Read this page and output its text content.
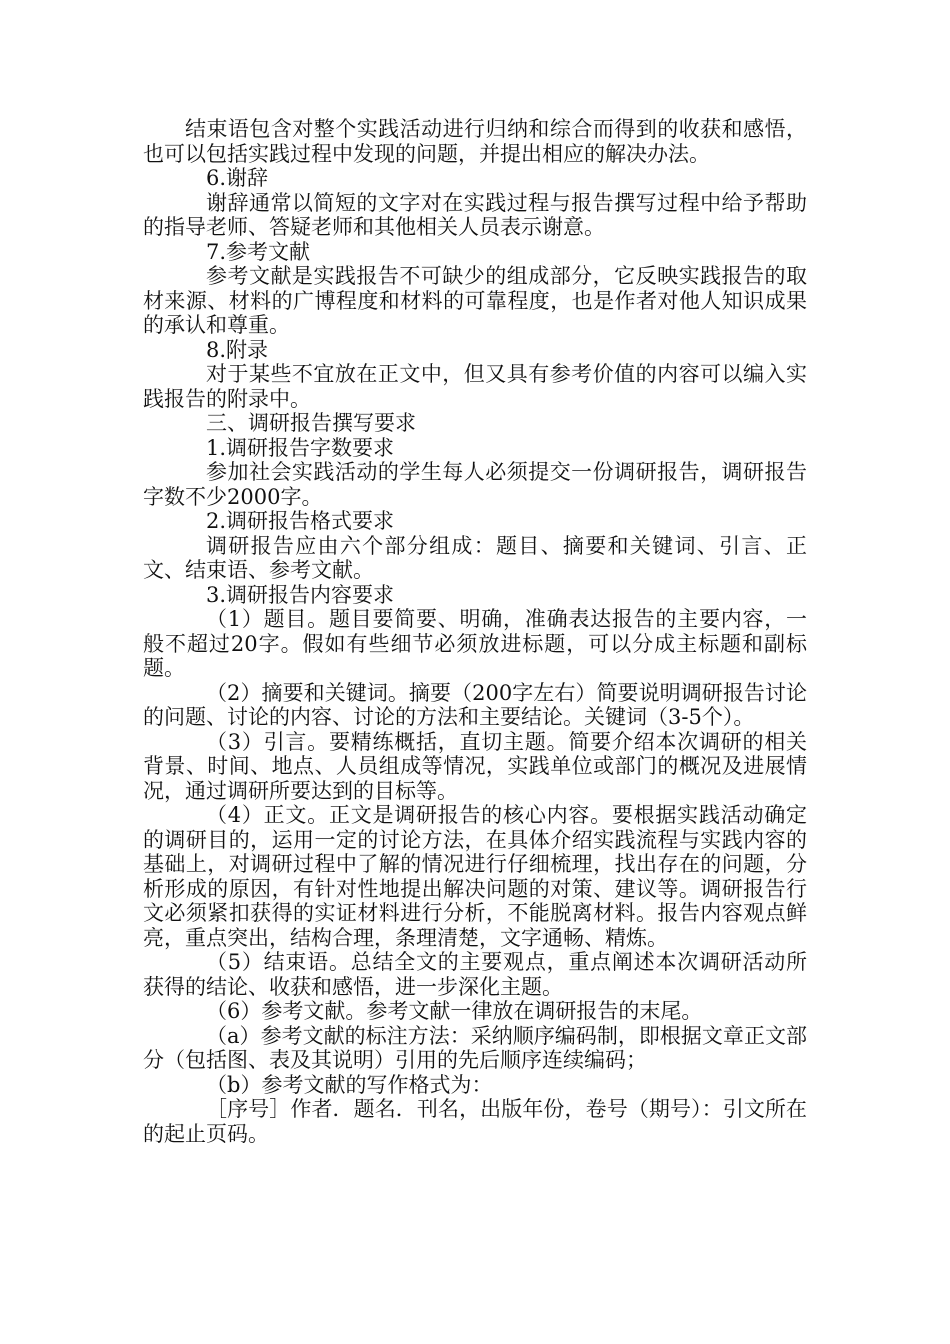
结束语包含对整个实践活动进行归纳和综合而得到的收获和感悟，也可以包括实践过程中发现的问题，并提出相应的解决办法。

6.谢辞

谢辞通常以简短的文字对在实践过程与报告撰写过程中给予帮助的指导老师、答疑老师和其他相关人员表示谢意。

7.参考文献

参考文献是实践报告不可缺少的组成部分，它反映实践报告的取材来源、材料的广博程度和材料的可靠程度，也是作者对他人知识成果的承认和尊重。

8.附录

对于某些不宜放在正文中，但又具有参考价值的内容可以编入实践报告的附录中。

三、调研报告撰写要求

1.调研报告字数要求

参加社会实践活动的学生每人必须提交一份调研报告，调研报告字数不少2000字。

2.调研报告格式要求

调研报告应由六个部分组成：题目、摘要和关键词、引言、正文、结束语、参考文献。

3.调研报告内容要求

（1）题目。题目要简要、明确，准确表达报告的主要内容，一般不超过20字。假如有些细节必须放进标题，可以分成主标题和副标题。

（2）摘要和关键词。摘要（200字左右）简要说明调研报告讨论的问题、讨论的内容、讨论的方法和主要结论。关键词（3-5个）。

（3）引言。要精练概括，直切主题。简要介绍本次调研的相关背景、时间、地点、人员组成等情况，实践单位或部门的概况及进展情况，通过调研所要达到的目标等。

（4）正文。正文是调研报告的核心内容。要根据实践活动确定的调研目的，运用一定的讨论方法，在具体介绍实践流程与实践内容的基础上，对调研过程中了解的情况进行仔细梳理，找出存在的问题，分析形成的原因，有针对性地提出解决问题的对策、建议等。调研报告行文必须紧扣获得的实证材料进行分析，不能脱离材料。报告内容观点鲜亮，重点突出，结构合理，条理清楚，文字通畅、精炼。

（5）结束语。总结全文的主要观点，重点阐述本次调研活动所获得的结论、收获和感悟，进一步深化主题。

（6）参考文献。参考文献一律放在调研报告的末尾。

（a）参考文献的标注方法：采纳顺序编码制，即根据文章正文部分（包括图、表及其说明）引用的先后顺序连续编码；

（b）参考文献的写作格式为：

［序号］作者．题名．刊名，出版年份，卷号（期号）：引文所在的起止页码。
